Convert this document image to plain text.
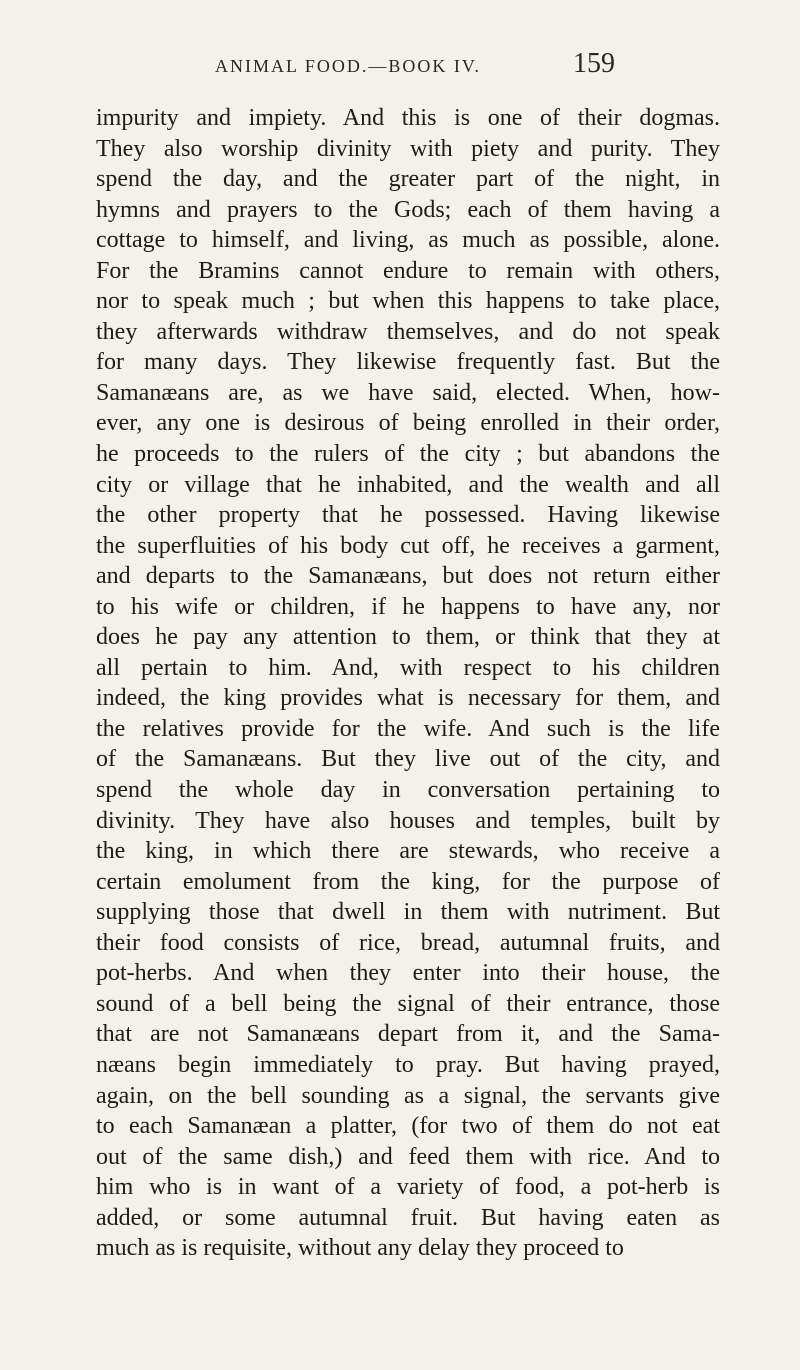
ANIMAL FOOD.—BOOK IV.	159
impurity and impiety. And this is one of their dogmas.
They also worship divinity with piety and purity. They
spend the day, and the greater part of the night, in
hymns and prayers to the Gods; each of them having a
cottage to himself, and living, as much as possible, alone.
For the Bramins cannot endure to remain with others,
nor to speak much ; but when this happens to take place,
they afterwards withdraw themselves, and do not speak
for many days. They likewise frequently fast. But the
Samanæans are, as we have said, elected. When, how-
ever, any one is desirous of being enrolled in their order,
he proceeds to the rulers of the city ; but abandons the
city or village that he inhabited, and the wealth and all
the other property that he possessed. Having likewise
the superfluities of his body cut off, he receives a garment,
and departs to the Samanæans, but does not return either
to his wife or children, if he happens to have any, nor
does he pay any attention to them, or think that they at
all pertain to him. And, with respect to his children
indeed, the king provides what is necessary for them, and
the relatives provide for the wife. And such is the life
of the Samanæans. But they live out of the city, and
spend the whole day in conversation pertaining to
divinity. They have also houses and temples, built by
the king, in which there are stewards, who receive a
certain emolument from the king, for the purpose of
supplying those that dwell in them with nutriment. But
their food consists of rice, bread, autumnal fruits, and
pot-herbs. And when they enter into their house, the
sound of a bell being the signal of their entrance, those
that are not Samanæans depart from it, and the Sama-
næans begin immediately to pray. But having prayed,
again, on the bell sounding as a signal, the servants give
to each Samanæan a platter, (for two of them do not eat
out of the same dish,) and feed them with rice. And to
him who is in want of a variety of food, a pot-herb is
added, or some autumnal fruit. But having eaten as
much as is requisite, without any delay they proceed to
